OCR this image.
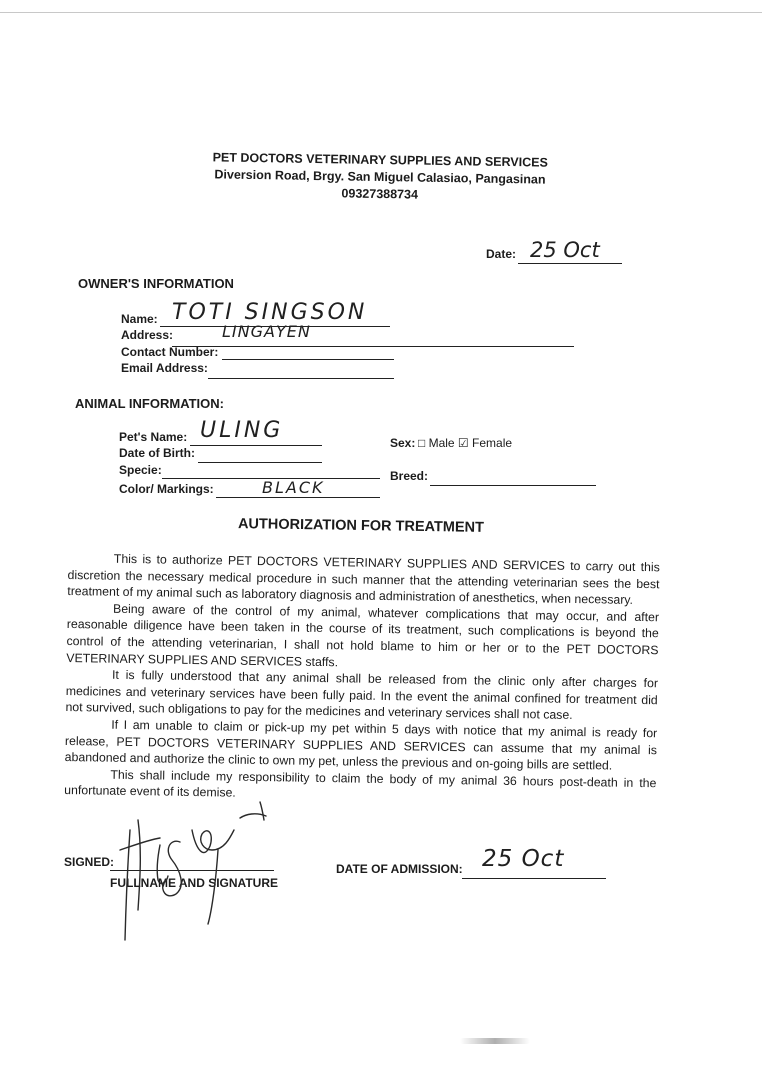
PET DOCTORS VETERINARY SUPPLIES AND SERVICES
Diversion Road, Brgy. San Miguel Calasiao, Pangasinan
09327388734
Date: 25 Oct
OWNER'S INFORMATION
Name: TOTI SINGSON
Address:	LINGAYEN
Contact Number:
Email Address:
ANIMAL INFORMATION:
Pet's Name: ULING
Date of Birth:
Specie:
Color/ Markings:	BLACK
Sex: □ Male ☑ Female
Breed:
AUTHORIZATION FOR TREATMENT

This is to authorize PET DOCTORS VETERINARY SUPPLIES AND SERVICES to carry out this discretion the necessary medical procedure in such manner that the attending veterinarian sees the best treatment of my animal such as laboratory diagnosis and administration of anesthetics, when necessary.

Being aware of the control of my animal, whatever complications that may occur, and after reasonable diligence have been taken in the course of its treatment, such complications is beyond the control of the attending veterinarian, I shall not hold blame to him or her or to the PET DOCTORS VETERINARY SUPPLIES AND SERVICES staffs.

It is fully understood that any animal shall be released from the clinic only after charges for medicines and veterinary services have been fully paid. In the event the animal confined for treatment did not survived, such obligations to pay for the medicines and veterinary services shall not case.

If I am unable to claim or pick-up my pet within 5 days with notice that my animal is ready for release, PET DOCTORS VETERINARY SUPPLIES AND SERVICES can assume that my animal is abandoned and authorize the clinic to own my pet, unless the previous and on-going bills are settled.

This shall include my responsibility to claim the body of my animal 36 hours post-death in the unfortunate event of its demise.

SIGNED:
FULLNAME AND SIGNATURE
DATE OF ADMISSION: 25 Oct
